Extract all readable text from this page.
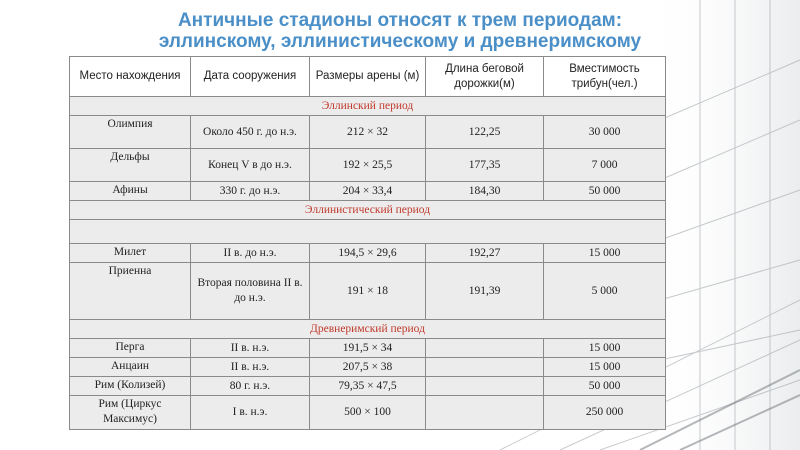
Античные стадионы относят к трем периодам:
эллинскому, эллинистическому и древнеримскому
Место нахождения	Дата сооружения	Размеры арены (м)	Длина беговой дорожки(м)	Вместимость трибун(чел.)
Эллинский период				
Олимпия	Около 450 г. до н.э.	212 × 32	122,25	30 000
Дельфы	Конец V в до н.э.	192 × 25,5	177,35	7 000
Афины	330 г. до н.э.	204 × 33,4	184,30	50 000
Эллинистический период				

Милет	II в. до н.э.	194,5 × 29,6	192,27	15 000
Приенна	Вторая половина II в. до н.э.	191 × 18	191,39	5 000
Древнеримский период				
Перга	II в. н.э.	191,5 × 34		15 000
Анцаин	II в. н.э.	207,5 × 38		15 000
Рим (Колизей)	80 г. н.э.	79,35 × 47,5		50 000
Рим (Циркус Максимус)	I в. н.э.	500 × 100		250 000
